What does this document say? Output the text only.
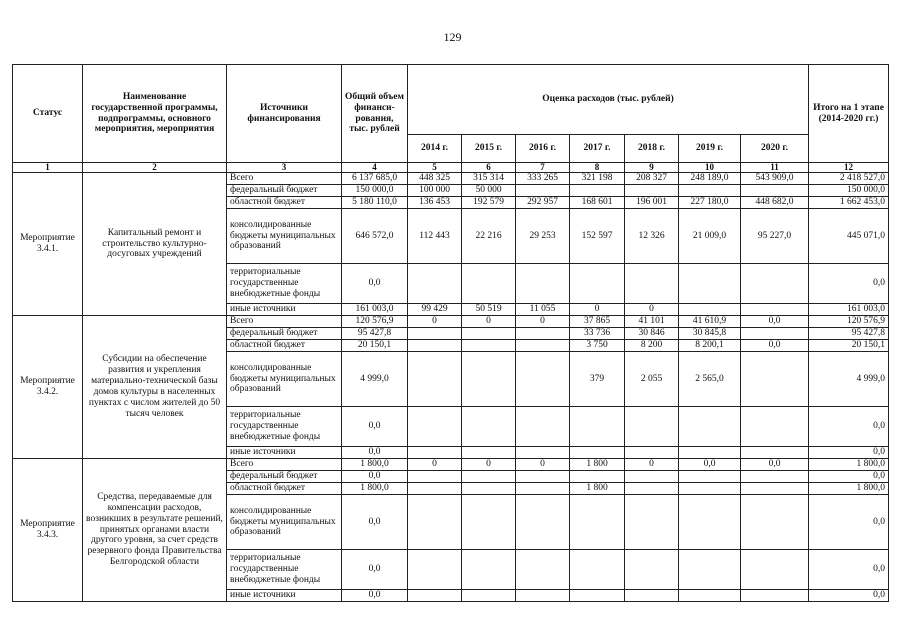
129
Статус	Наименование государственной программы, подпрограммы, основного мероприятия, мероприятия	Источники финансирования	Общий объем финанси-рования, тыс. рублей	Оценка расходов (тыс. рублей)							Итого на 1 этапе (2014-2020 гг.)
				2014 г.	2015 г.	2016 г.	2017 г.	2018 г.	2019 г.	2020 г.	
1	2	3	4	5	6	7	8	9	10	11	12
Мероприятие 3.4.1.	Капитальный ремонт и строительство культурно-досуговых учреждений	Всего	6 137 685,0	448 325	315 314	333 265	321 198	208 327	248 189,0	543 909,0	2 418 527,0
		федеральный бюджет	150 000,0	100 000	50 000						150 000,0
		областной бюджет	5 180 110,0	136 453	192 579	292 957	168 601	196 001	227 180,0	448 682,0	1 662 453,0
		консолидированные бюджеты муниципальных образований	646 572,0	112 443	22 216	29 253	152 597	12 326	21 009,0	95 227,0	445 071,0
		территориальные государственные внебюджетные фонды	0,0								0,0
		иные источники	161 003,0	99 429	50 519	11 055	0	0			161 003,0
Мероприятие 3.4.2.	Субсидии на обеспечение развития и укрепления материально-технической базы домов культуры в населенных пунктах с числом жителей до 50 тысяч человек	Всего	120 576,9	0	0	0	37 865	41 101	41 610,9	0,0	120 576,9
		федеральный бюджет	95 427,8				33 736	30 846	30 845,8		95 427,8
		областной бюджет	20 150,1				3 750	8 200	8 200,1	0,0	20 150,1
		консолидированные бюджеты муниципальных образований	4 999,0				379	2 055	2 565,0		4 999,0
		территориальные государственные внебюджетные фонды	0,0								0,0
		иные источники	0,0								0,0
Мероприятие 3.4.3.	Средства, передаваемые для компенсации расходов, возникших в результате решений, принятых органами власти другого уровня, за счет средств резервного фонда Правительства Белгородской области	Всего	1 800,0	0	0	0	1 800	0	0,0	0,0	1 800,0
		федеральный бюджет	0,0								0,0
		областной бюджет	1 800,0				1 800				1 800,0
		консолидированные бюджеты муниципальных образований	0,0								0,0
		территориальные государственные внебюджетные фонды	0,0								0,0
		иные источники	0,0								0,0
